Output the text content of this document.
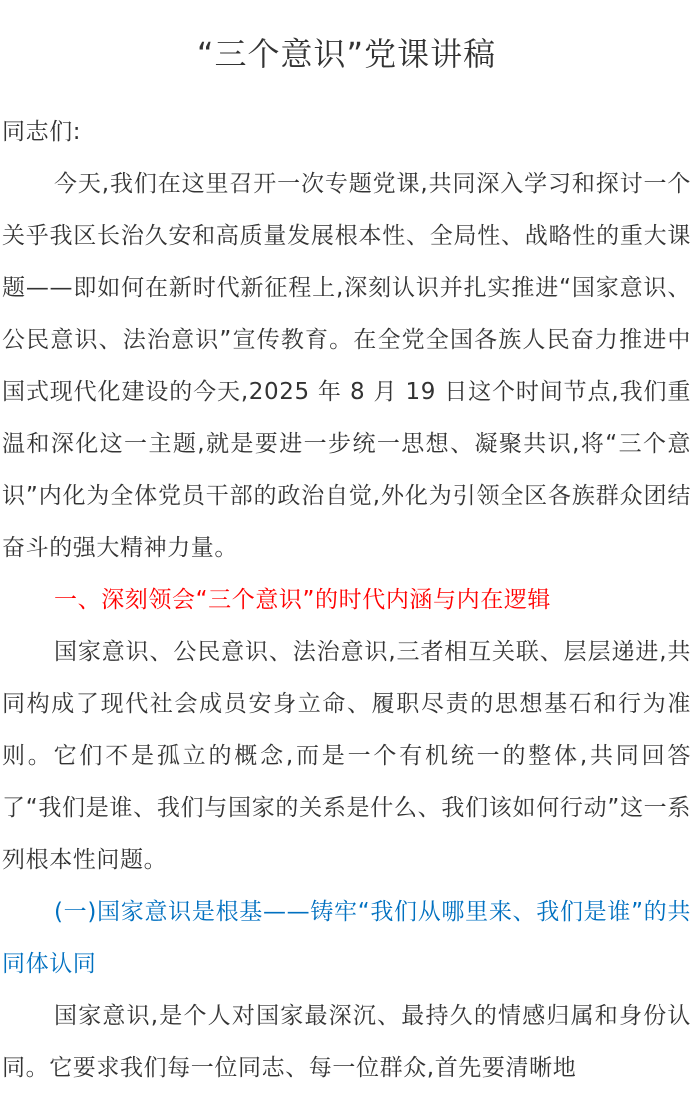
“三个意识”党课讲稿

同志们:

今天,我们在这里召开一次专题党课,共同深入学习和探讨一个关乎我区长治久安和高质量发展根本性、全局性、战略性的重大课题——即如何在新时代新征程上,深刻认识并扎实推进“国家意识、公民意识、法治意识”宣传教育。在全党全国各族人民奋力推进中国式现代化建设的今天,2025 年 8 月 19 日这个时间节点,我们重温和深化这一主题,就是要进一步统一思想、凝聚共识,将“三个意识”内化为全体党员干部的政治自觉,外化为引领全区各族群众团结奋斗的强大精神力量。

一、深刻领会“三个意识”的时代内涵与内在逻辑

国家意识、公民意识、法治意识,三者相互关联、层层递进,共同构成了现代社会成员安身立命、履职尽责的思想基石和行为准则。它们不是孤立的概念,而是一个有机统一的整体,共同回答了“我们是谁、我们与国家的关系是什么、我们该如何行动”这一系列根本性问题。

(一)国家意识是根基——铸牢“我们从哪里来、我们是谁”的共同体认同

国家意识,是个人对国家最深沉、最持久的情感归属和身份认同。它要求我们每一位同志、每一位群众,首先要清晰地
